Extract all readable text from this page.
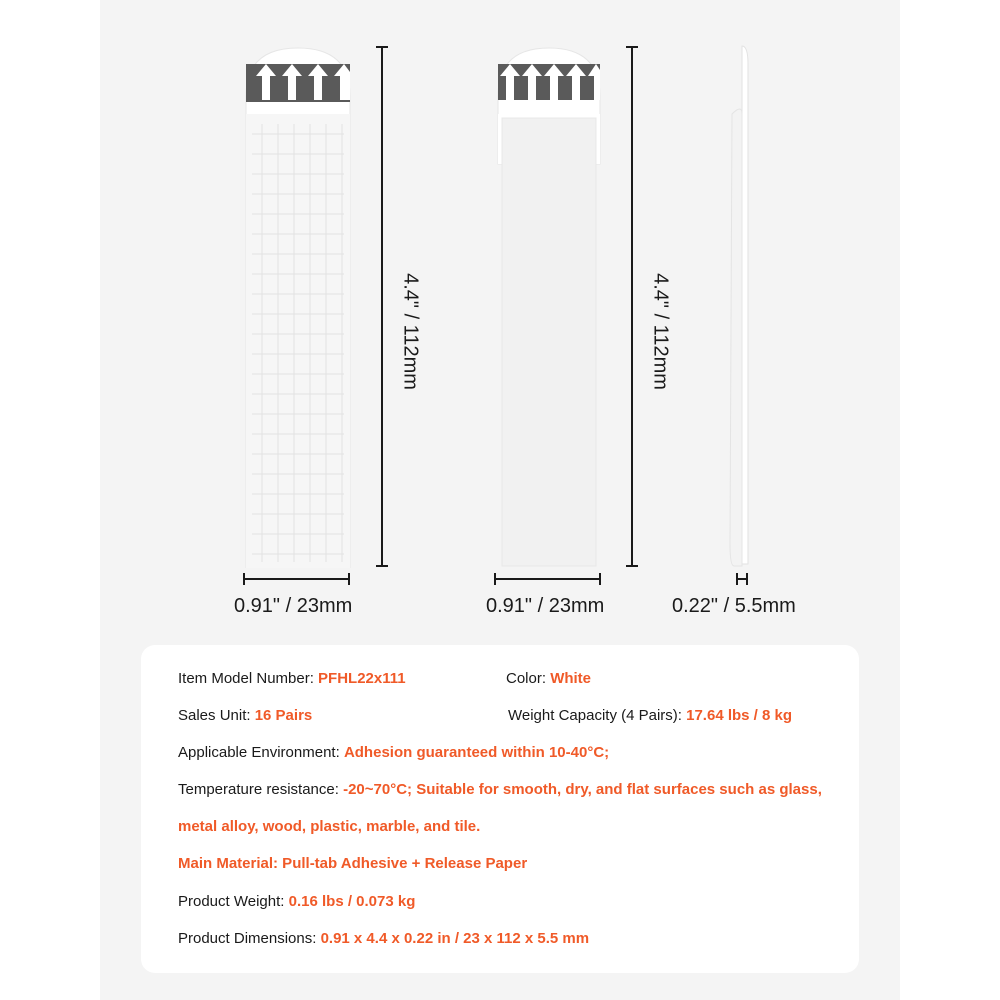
4.4" / 112mm	4.4" / 112mm
0.91" / 23mm	0.91" / 23mm	0.22" / 5.5mm
Item Model Number: PFHL22x111	Color: White
Sales Unit: 16 Pairs	Weight Capacity (4 Pairs): 17.64 lbs / 8 kg
Applicable Environment: Adhesion guaranteed within 10-40°C;
Temperature resistance: -20~70°C; Suitable for smooth, dry, and flat surfaces such as glass,
metal alloy, wood, plastic, marble, and tile.
Main Material: Pull-tab Adhesive + Release Paper
Product Weight: 0.16 lbs / 0.073 kg
Product Dimensions: 0.91 x 4.4 x 0.22 in / 23 x 112 x 5.5 mm
